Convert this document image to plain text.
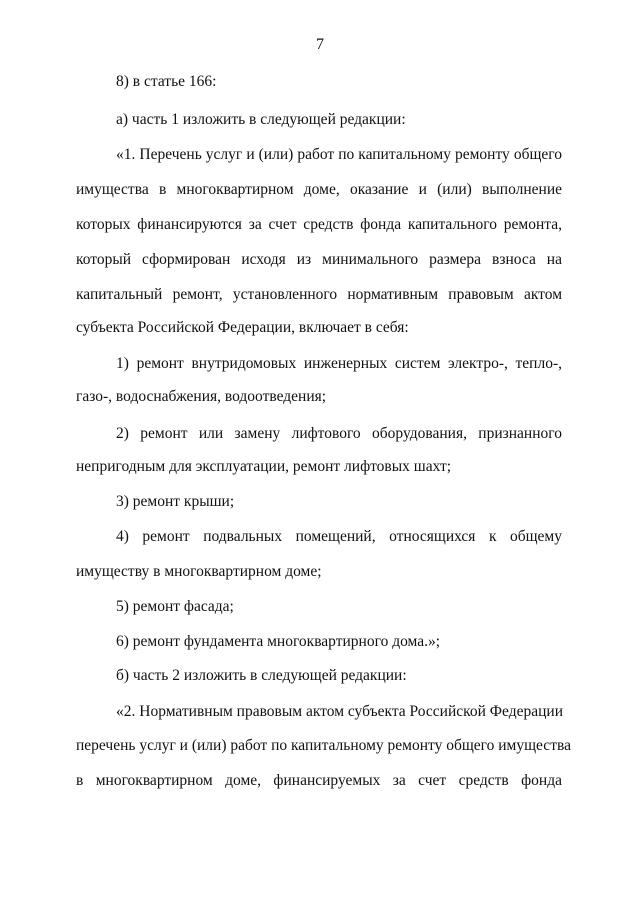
7
8) в статье 166:
а) часть 1 изложить в следующей редакции:
«1. Перечень услуг и (или) работ по капитальному ремонту общего
имущества в многоквартирном доме, оказание и (или) выполнение
которых финансируются за счет средств фонда капитального ремонта,
который сформирован исходя из минимального размера взноса на
капитальный ремонт, установленного нормативным правовым актом
субъекта Российской Федерации, включает в себя:
1) ремонт внутридомовых инженерных систем электро-, тепло-,
газо-, водоснабжения, водоотведения;
2) ремонт или замену лифтового оборудования, признанного
непригодным для эксплуатации, ремонт лифтовых шахт;
3) ремонт крыши;
4) ремонт подвальных помещений, относящихся к общему
имуществу в многоквартирном доме;
5) ремонт фасада;
6) ремонт фундамента многоквартирного дома.»;
б) часть 2 изложить в следующей редакции:
«2. Нормативным правовым актом субъекта Российской Федерации
перечень услуг и (или) работ по капитальному ремонту общего имущества
в многоквартирном доме, финансируемых за счет средств фонда
